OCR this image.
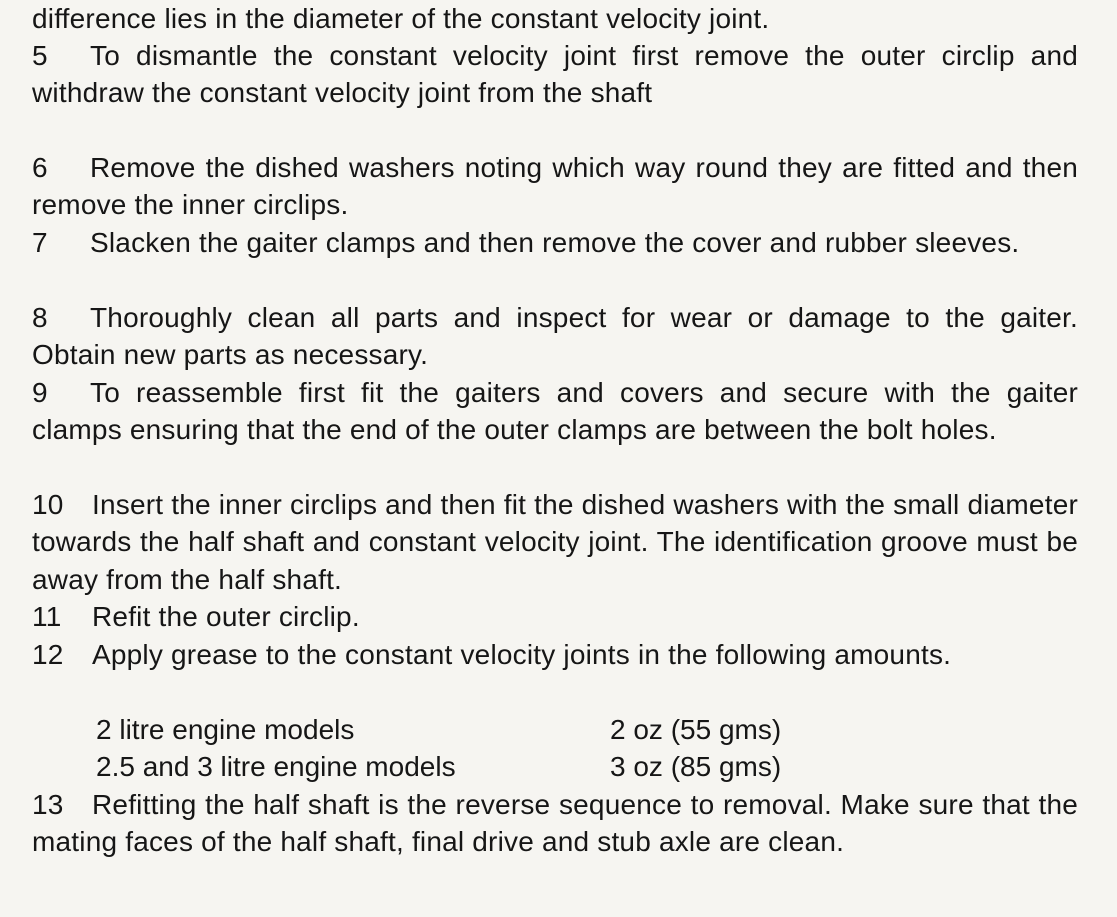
difference lies in the diameter of the constant velocity joint.

5 To dismantle the constant velocity joint first remove the outer circlip and withdraw the constant velocity joint from the shaft

6 Remove the dished washers noting which way round they are fitted and then remove the inner circlips.

7 Slacken the gaiter clamps and then remove the cover and rubber sleeves.

8 Thoroughly clean all parts and inspect for wear or damage to the gaiter. Obtain new parts as necessary.

9 To reassemble first fit the gaiters and covers and secure with the gaiter clamps ensuring that the end of the outer clamps are between the bolt holes.

10 Insert the inner circlips and then fit the dished washers with the small diameter towards the half shaft and constant velocity joint. The identification groove must be away from the half shaft.

11 Refit the outer circlip.

12 Apply grease to the constant velocity joints in the following amounts.

2 litre engine models	2 oz (55 gms)
2.5 and 3 litre engine models	3 oz (85 gms)

13 Refitting the half shaft is the reverse sequence to removal. Make sure that the mating faces of the half shaft, final drive and stub axle are clean.
